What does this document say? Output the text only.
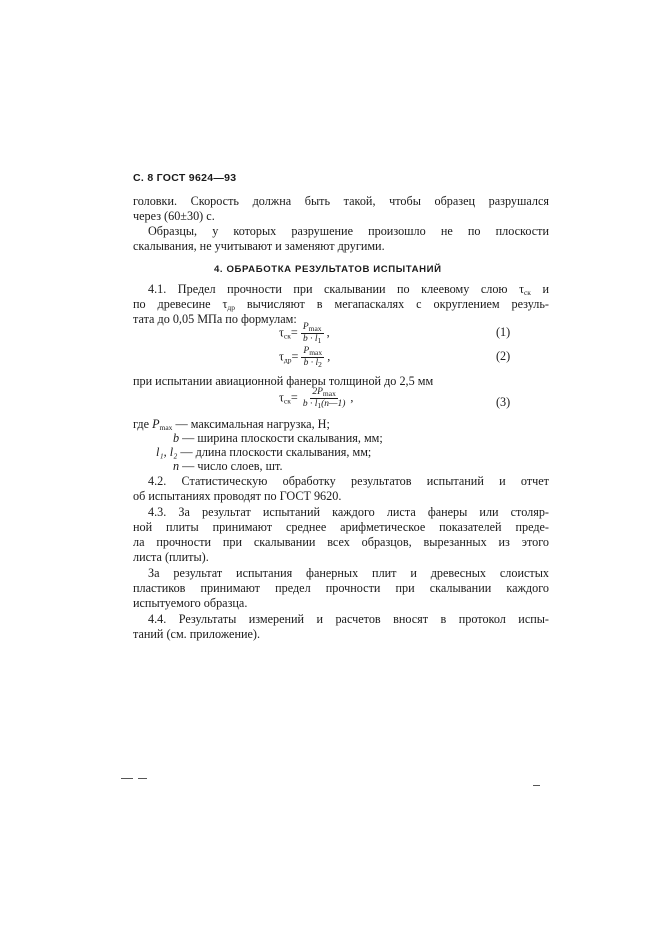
С. 8 ГОСТ 9624—93
головки. Скорость должна быть такой, чтобы образец разрушался
через (60±30) с.
Образцы, у которых разрушение произошло не по плоскости
скалывания, не учитывают и заменяют другими.
4. ОБРАБОТКА РЕЗУЛЬТАТОВ ИСПЫТАНИЙ
4.1. Предел прочности при скалывании по клеевому слою $\tau_{ск}$ и
по древесине $\tau_{др}$ вычисляют в мегапаскалях с округлением резуль-
тата до 0,05 МПа по формулам:
$\tau_{ск}= \frac{P_{max}}{b \cdot l_1}$ ,	(1)
$\tau_{др}= \frac{P_{max}}{b \cdot l_2}$ ,	(2)
при испытании авиационной фанеры толщиной до 2,5 мм
$\tau_{ск}= \frac{2P_{max}}{b \cdot l_1(n—1)}$ ,	(3)
где $P_{max}$ — максимальная нагрузка, Н;
b — ширина плоскости скалывания, мм;
l₁, l₂ — длина плоскости скалывания, мм;
n — число слоев, шт.
4.2. Статистическую обработку результатов испытаний и отчет
об испытаниях проводят по ГОСТ 9620.
4.3. За результат испытаний каждого листа фанеры или столяр-
ной плиты принимают среднее арифметическое показателей преде-
ла прочности при скалывании всех образцов, вырезанных из этого
листа (плиты).
За результат испытания фанерных плит и древесных слоистых
пластиков принимают предел прочности при скалывании каждого
испытуемого образца.
4.4. Результаты измерений и расчетов вносят в протокол испы-
таний (см. приложение).
